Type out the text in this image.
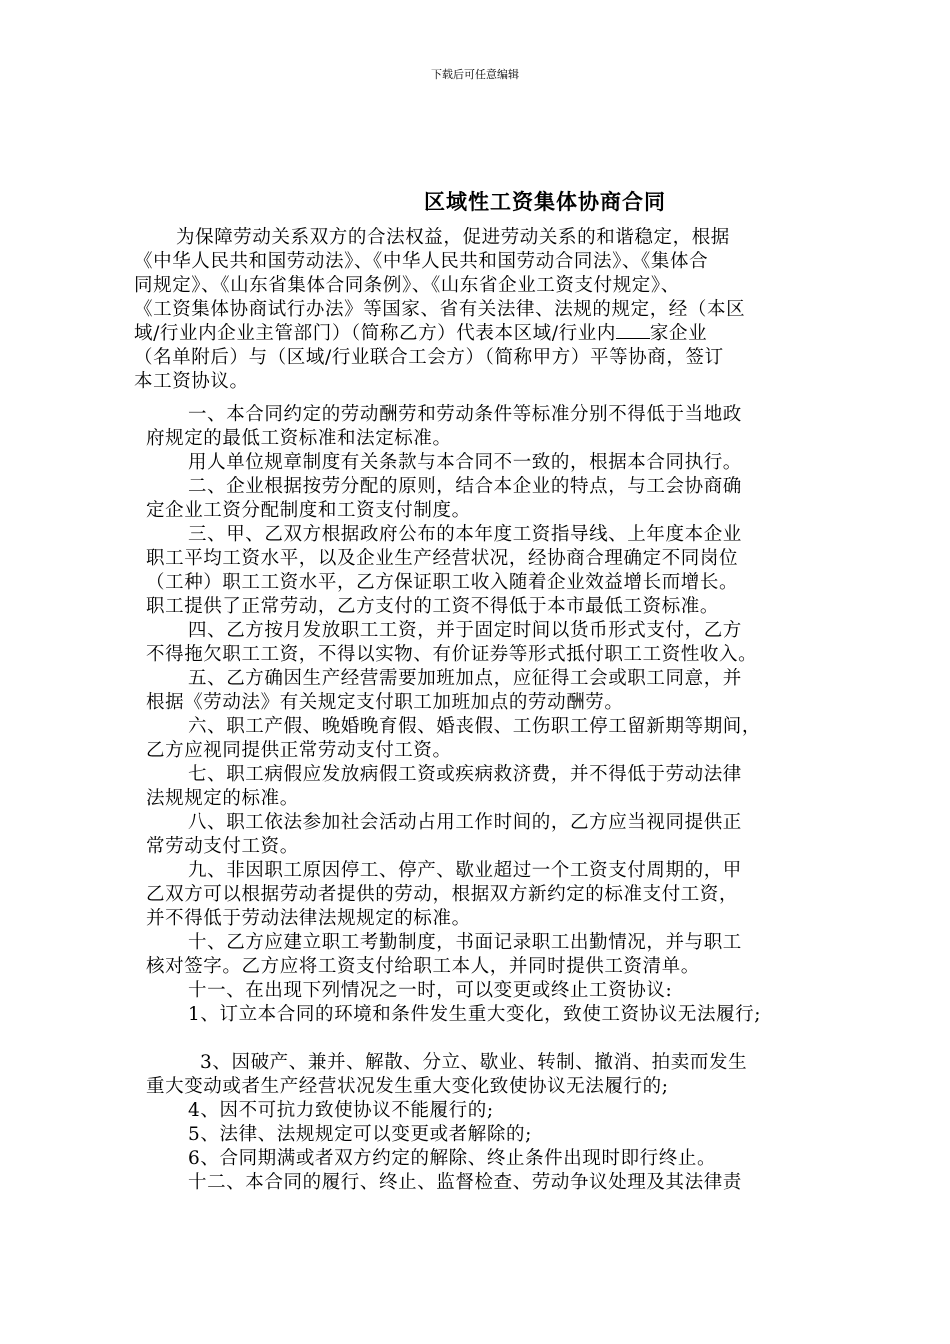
下载后可任意编辑
区域性工资集体协商合同
为保障劳动关系双方的合法权益，促进劳动关系的和谐稳定，根据
《中华人民共和国劳动法》、《中华人民共和国劳动合同法》、《集体合
同规定》、《山东省集体合同条例》、《山东省企业工资支付规定》、
《工资集体协商试行办法》等国家、省有关法律、法规的规定，经（本区
域/行业内企业主管部门）（简称乙方）代表本区域/行业内 家企业
（名单附后）与（区域/行业联合工会方）（简称甲方）平等协商，签订
本工资协议。
一、本合同约定的劳动酬劳和劳动条件等标准分别不得低于当地政
府规定的最低工资标准和法定标准。
用人单位规章制度有关条款与本合同不一致的，根据本合同执行。
二、企业根据按劳分配的原则，结合本企业的特点，与工会协商确
定企业工资分配制度和工资支付制度。
三、甲、乙双方根据政府公布的本年度工资指导线、上年度本企业
职工平均工资水平，以及企业生产经营状况，经协商合理确定不同岗位
（工种）职工工资水平，乙方保证职工收入随着企业效益增长而增长。
职工提供了正常劳动，乙方支付的工资不得低于本市最低工资标准。
四、乙方按月发放职工工资，并于固定时间以货币形式支付，乙方
不得拖欠职工工资，不得以实物、有价证券等形式抵付职工工资性收入。
五、乙方确因生产经营需要加班加点，应征得工会或职工同意，并
根据《劳动法》有关规定支付职工加班加点的劳动酬劳。
六、职工产假、晚婚晚育假、婚丧假、工伤职工停工留新期等期间，
乙方应视同提供正常劳动支付工资。
七、职工病假应发放病假工资或疾病救济费，并不得低于劳动法律
法规规定的标准。
八、职工依法参加社会活动占用工作时间的，乙方应当视同提供正
常劳动支付工资。
九、非因职工原因停工、停产、歇业超过一个工资支付周期的，甲
乙双方可以根据劳动者提供的劳动，根据双方新约定的标准支付工资，
并不得低于劳动法律法规规定的标准。
十、乙方应建立职工考勤制度，书面记录职工出勤情况，并与职工
核对签字。乙方应将工资支付给职工本人，并同时提供工资清单。
十一、在出现下列情况之一时，可以变更或终止工资协议:
1、订立本合同的环境和条件发生重大变化，致使工资协议无法履行;
3、因破产、兼并、解散、分立、歇业、转制、撤消、拍卖而发生
重大变动或者生产经营状况发生重大变化致使协议无法履行的;
4、因不可抗力致使协议不能履行的;
5、法律、法规规定可以变更或者解除的;
6、合同期满或者双方约定的解除、终止条件出现时即行终止。
十二、本合同的履行、终止、监督检查、劳动争议处理及其法律责
